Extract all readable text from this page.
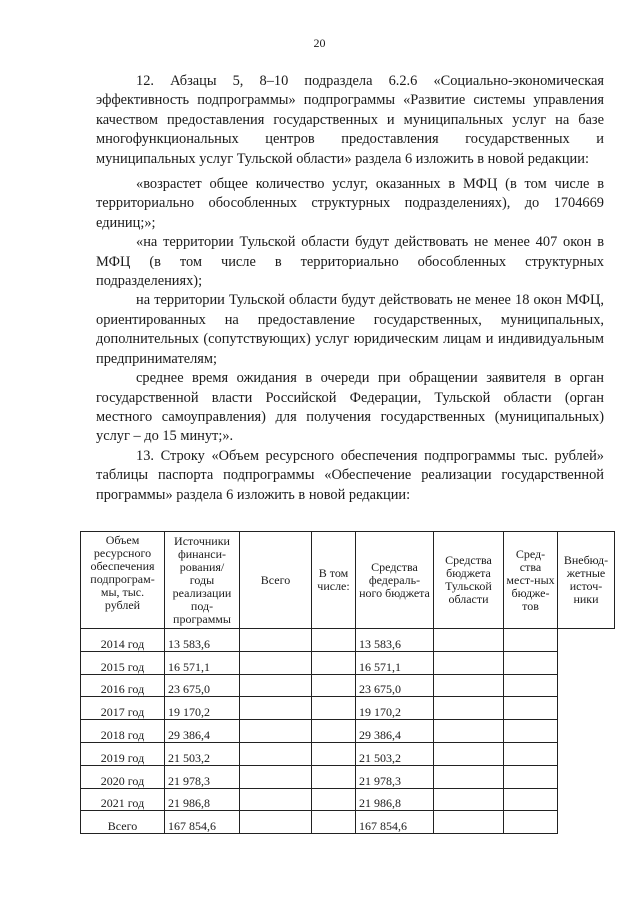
20

12. Абзацы 5, 8–10 подраздела 6.2.6 «Социально-экономическая эффективность подпрограммы» подпрограммы «Развитие системы управления качеством предоставления государственных и муниципальных услуг на базе многофункциональных центров предоставления государственных и муниципальных услуг Тульской области» раздела 6 изложить в новой редакции:

«возрастет общее количество услуг, оказанных в МФЦ (в том числе в территориально обособленных структурных подразделениях), до 1704669 единиц;»;

«на территории Тульской области будут действовать не менее 407 окон в МФЦ (в том числе в территориально обособленных структурных подразделениях);

на территории Тульской области будут действовать не менее 18 окон МФЦ, ориентированных на предоставление государственных, муниципальных, дополнительных (сопутствующих) услуг юридическим лицам и индивидуальным предпринимателям;

среднее время ожидания в очереди при обращении заявителя в орган государственной власти Российской Федерации, Тульской области (орган местного самоуправления) для получения государственных (муниципальных) услуг – до 15 минут;».

13. Строку «Объем ресурсного обеспечения подпрограммы тыс. рублей» таблицы паспорта подпрограммы «Обеспечение реализации государственной программы» раздела 6 изложить в новой редакции:

Объем ресурсного обеспечения подпрограм-мы, тыс. рублей	Источники финанси-рования/ годы реализации под-программы	Всего	В том числе:	Средства федераль-ного бюджета	Средства бюджета Тульской области	Сред-ства мест-ных бюдже-тов	Внебюд-жетные источ-ники
2014 год	13 583,6			13 583,6			
2015 год	16 571,1			16 571,1			
2016 год	23 675,0			23 675,0			
2017 год	19 170,2			19 170,2			
2018 год	29 386,4			29 386,4			
2019 год	21 503,2			21 503,2			
2020 год	21 978,3			21 978,3			
2021 год	21 986,8			21 986,8			
Всего	167 854,6			167 854,6			
